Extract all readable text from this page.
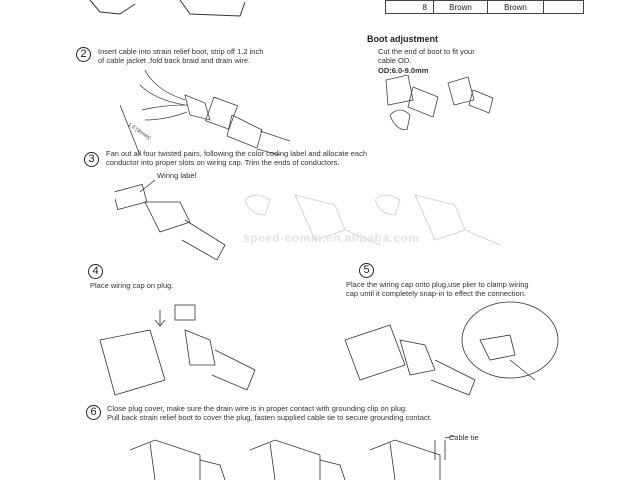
8	Brown	Brown	
2	Insert cable into strain relief boot, strip off 1.2 inch
of cable jacket ,fold back braid and drain wire.
1.2"(30mm)
Boot adjustment
Cut the end of boot to fit your cable OD.
OD:6.0-9.0mm
3	Fan out all four twisted pairs, following the color coding label and allocate each
conductor into proper slots on wiring cap. Trim the ends of conductors.
Wiring label
speed-comm.en.alibaba.com
4
Place wiring cap on plug.
5
Place the wiring cap onto plug,use plier to clamp wiring
cap until it completely snap-in to effect the connection.
6	Close plug cover, make sure the drain wire is in proper contact with grounding clip on plug.
Pull back strain relief boot to cover the plug, fasten supplied cable tie to secure grounding contact.
Cable tie
